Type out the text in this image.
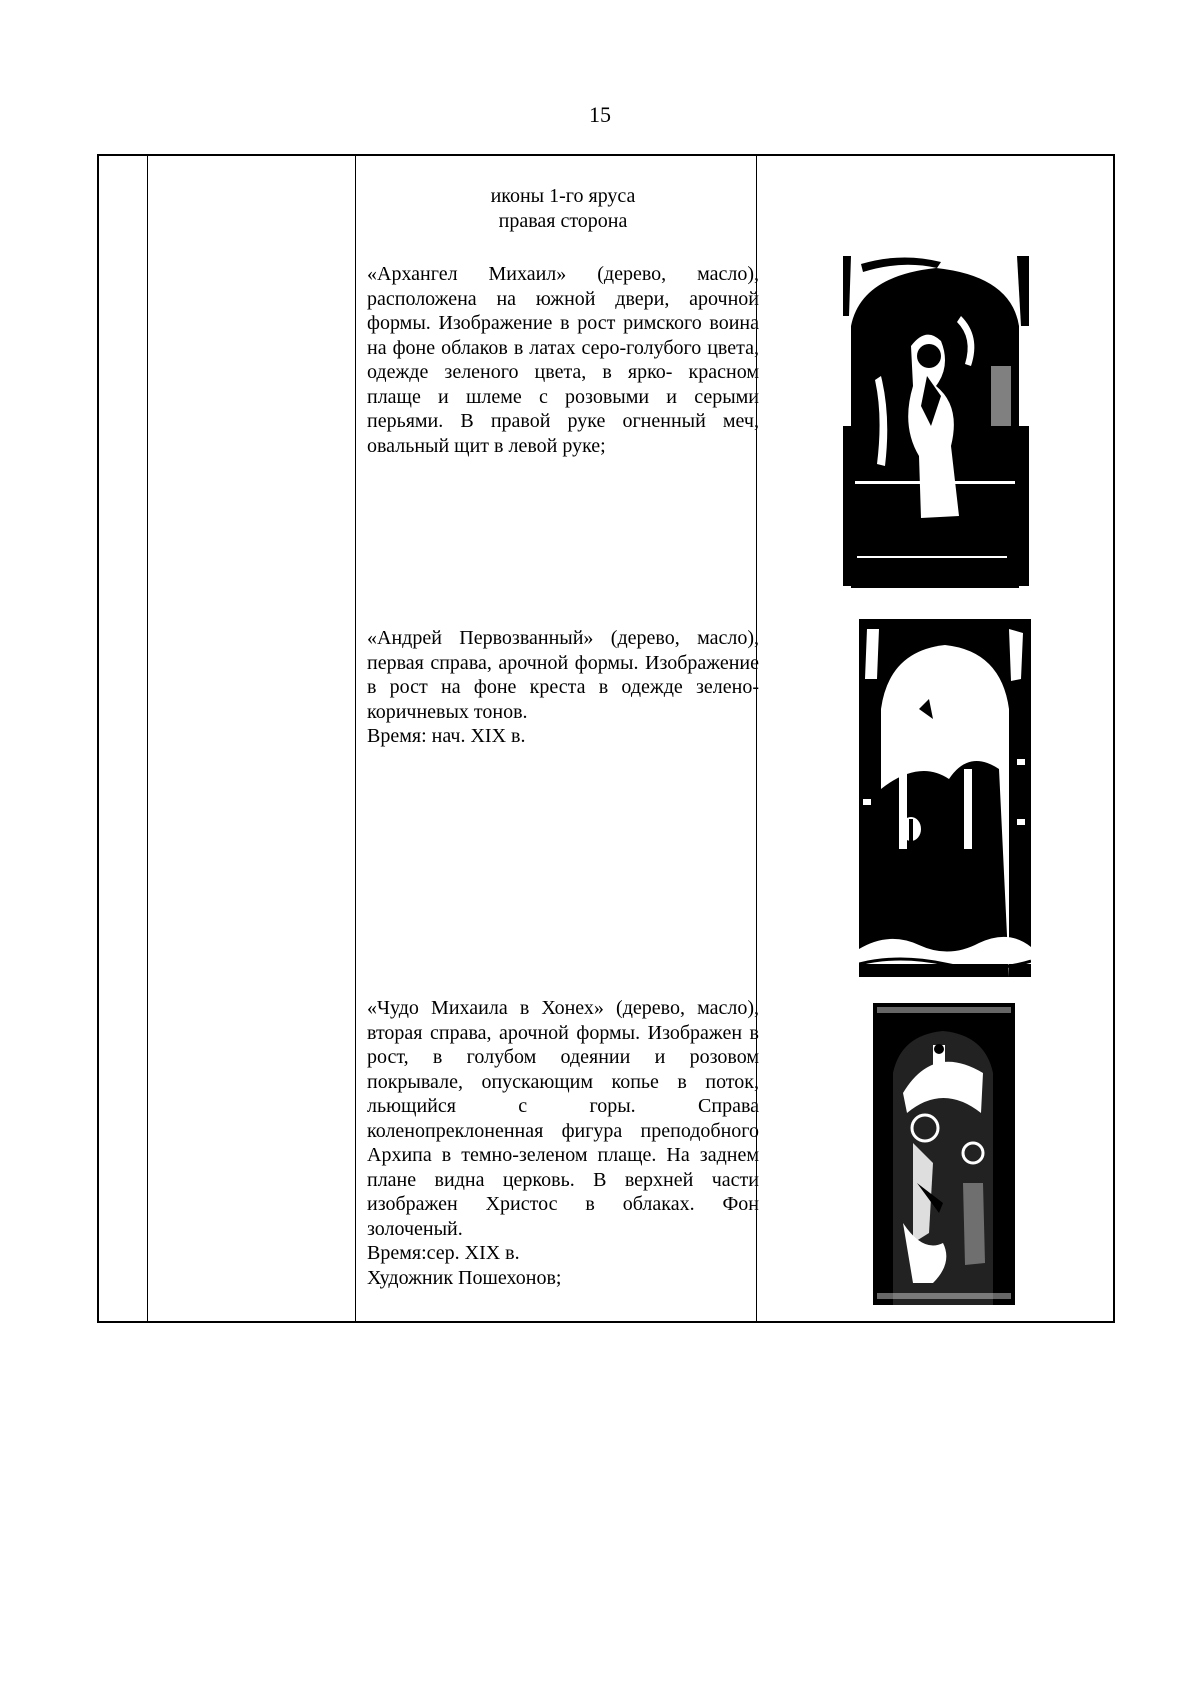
15
иконы 1-го яруса
правая сторона

«Архангел Михаил» (дерево, масло), расположена на южной двери, арочной формы. Изображение в рост римского воина на фоне облаков в латах серо-голубого цвета, одежде зеленого цвета, в ярко- красном плаще и шлеме с розовыми и серыми перьями. В правой руке огненный меч, овальный щит в левой руке;

«Андрей Первозванный» (дерево, масло), первая справа, арочной формы. Изображение в рост на фоне креста в одежде зелено-коричневых тонов.

Время: нач. XIX в.

«Чудо Михаила в Хонех» (дерево, масло), вторая справа, арочной формы. Изображен в рост, в голубом одеянии и розовом покрывале, опускающим копье в поток, льющийся с горы. Справа коленопреклоненная фигура преподобного Архипа в темно-зеленом плаще. На заднем плане видна церковь. В верхней части изображен Христос в облаках. Фон золоченый.

Время:сер. XIX в.

Художник Пошехонов;
